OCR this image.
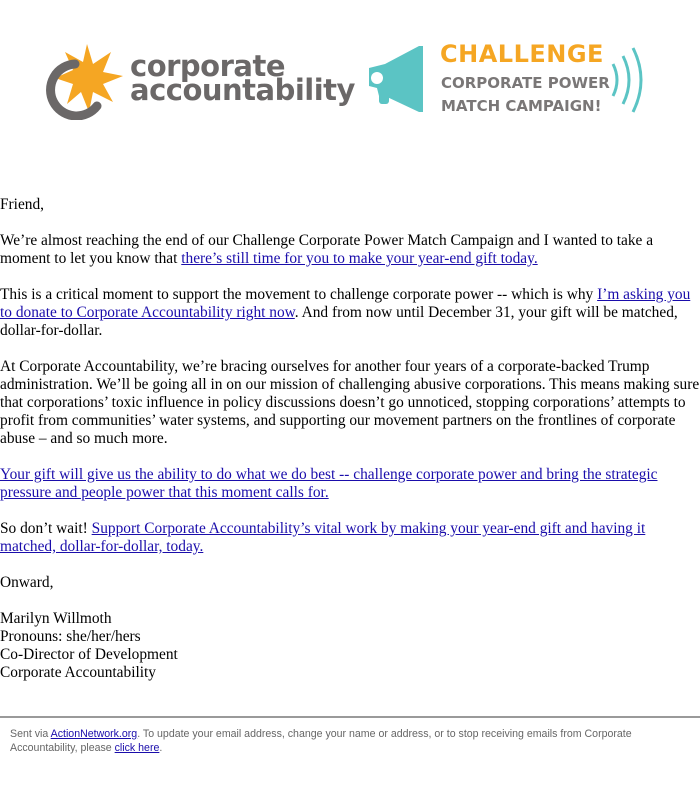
corporate
accountability
CHALLENGE
CORPORATE POWER
MATCH CAMPAIGN!

Friend,

We’re almost reaching the end of our Challenge Corporate Power Match Campaign and I wanted to take a moment to let you know that there’s still time for you to make your year-end gift today.

This is a critical moment to support the movement to challenge corporate power -- which is why I’m asking you to donate to Corporate Accountability right now. And from now until December 31, your gift will be matched, dollar-for-dollar.

At Corporate Accountability, we’re bracing ourselves for another four years of a corporate-backed Trump administration. We’ll be going all in on our mission of challenging abusive corporations. This means making sure that corporations’ toxic influence in policy discussions doesn’t go unnoticed, stopping corporations’ attempts to profit from communities’ water systems, and supporting our movement partners on the frontlines of corporate abuse – and so much more.

Your gift will give us the ability to do what we do best -- challenge corporate power and bring the strategic pressure and people power that this moment calls for.

So don’t wait! Support Corporate Accountability’s vital work by making your year-end gift and having it matched, dollar-for-dollar, today.

Onward,

Marilyn Willmoth

Pronouns: she/her/hers

Co-Director of Development

Corporate Accountability

Sent via ActionNetwork.org. To update your email address, change your name or address, or to stop receiving emails from Corporate Accountability, please click here.
